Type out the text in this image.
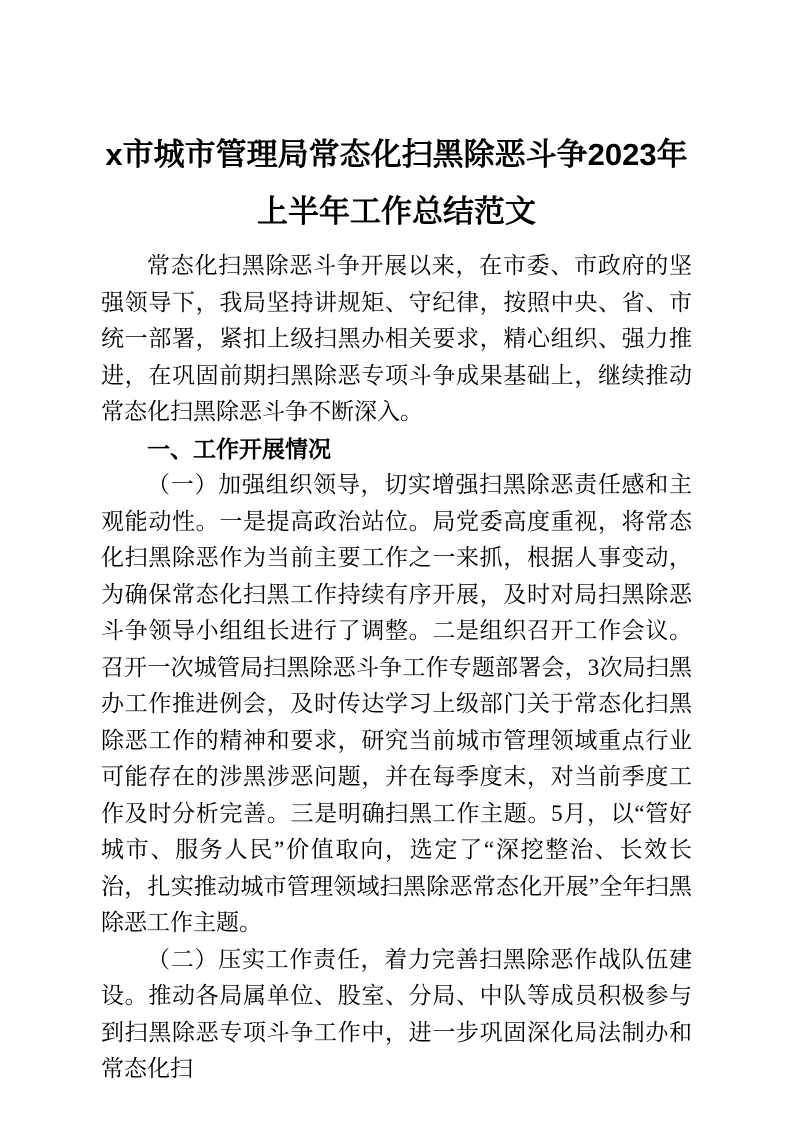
x市城市管理局常态化扫黑除恶斗争2023年
上半年工作总结范文

常态化扫黑除恶斗争开展以来，在市委、市政府的坚强领导下，我局坚持讲规矩、守纪律，按照中央、省、市统一部署，紧扣上级扫黑办相关要求，精心组织、强力推进，在巩固前期扫黑除恶专项斗争成果基础上，继续推动常态化扫黑除恶斗争不断深入。

一、工作开展情况

（一）加强组织领导，切实增强扫黑除恶责任感和主观能动性。一是提高政治站位。局党委高度重视，将常态化扫黑除恶作为当前主要工作之一来抓，根据人事变动，为确保常态化扫黑工作持续有序开展，及时对局扫黑除恶斗争领导小组组长进行了调整。二是组织召开工作会议。召开一次城管局扫黑除恶斗争工作专题部署会，3次局扫黑办工作推进例会，及时传达学习上级部门关于常态化扫黑除恶工作的精神和要求，研究当前城市管理领域重点行业可能存在的涉黑涉恶问题，并在每季度末，对当前季度工作及时分析完善。三是明确扫黑工作主题。5月，以“管好城市、服务人民”价值取向，选定了“深挖整治、长效长治，扎实推动城市管理领域扫黑除恶常态化开展”全年扫黑除恶工作主题。

（二）压实工作责任，着力完善扫黑除恶作战队伍建设。推动各局属单位、股室、分局、中队等成员积极参与到扫黑除恶专项斗争工作中，进一步巩固深化局法制办和常态化扫
